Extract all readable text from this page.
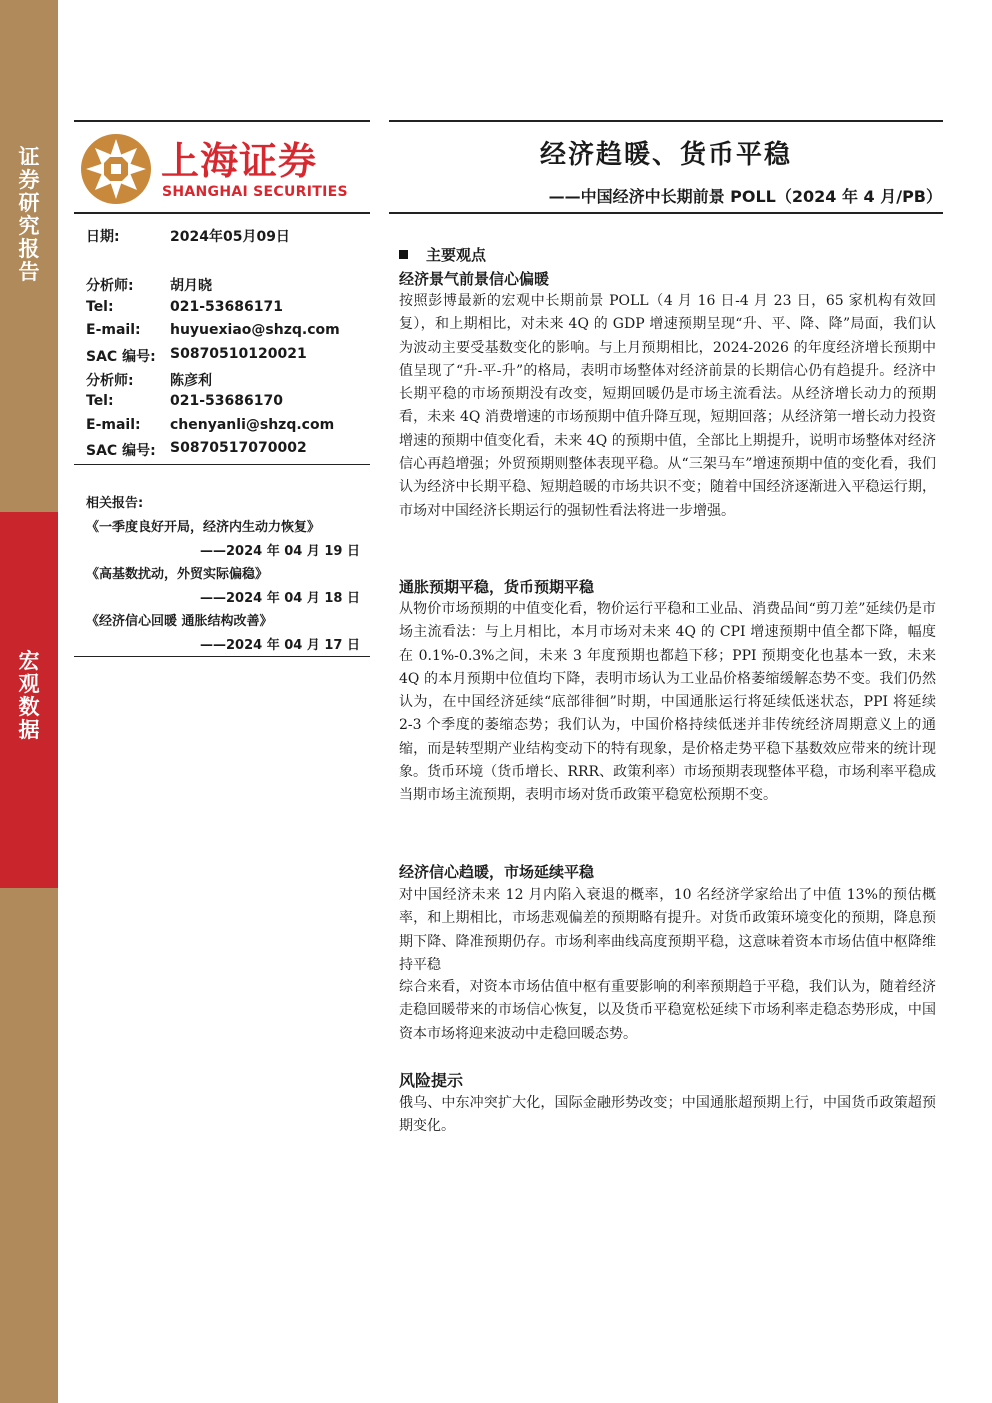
证
券
研
究
报
告
宏
观
数
据
上海证券
SHANGHAI SECURITIES
经济趋暖、货币平稳
——中国经济中长期前景 POLL（2024 年 4 月/PB）
日期:	2024年05月09日
分析师:	胡月晓
Tel:	021-53686171
E-mail: huyuexiao@shzq.com
SAC 编号: S0870510120021
分析师:	陈彦利
Tel:	021-53686170
E-mail: chenyanli@shzq.com
SAC 编号: S0870517070002
相关报告:
《一季度良好开局，经济内生动力恢复》
——2024 年 04 月 19 日
《高基数扰动，外贸实际偏稳》
——2024 年 04 月 18 日
《经济信心回暖 通胀结构改善》
——2024 年 04 月 17 日
主要观点
经济景气前景信心偏暖

按照彭博最新的宏观中长期前景 POLL（4 月 16 日-4 月 23 日，65 家机构有效回复），和上期相比，对未来 4Q 的 GDP 增速预期呈现“升、平、降、降”局面，我们认为波动主要受基数变化的影响。与上月预期相比，2024-2026 的年度经济增长预期中值呈现了“升-平-升”的格局，表明市场整体对经济前景的长期信心仍有趋提升。经济中长期平稳的市场预期没有改变，短期回暖仍是市场主流看法。从经济增长动力的预期看，未来 4Q 消费增速的市场预期中值升降互现，短期回落；从经济第一增长动力投资增速的预期中值变化看，未来 4Q 的预期中值，全部比上期提升，说明市场整体对经济信心再趋增强；外贸预期则整体表现平稳。从“三架马车”增速预期中值的变化看，我们认为经济中长期平稳、短期趋暖的市场共识不变；随着中国经济逐渐进入平稳运行期，市场对中国经济长期运行的强韧性看法将进一步增强。

通胀预期平稳，货币预期平稳

从物价市场预期的中值变化看，物价运行平稳和工业品、消费品间“剪刀差”延续仍是市场主流看法：与上月相比，本月市场对未来 4Q 的 CPI 增速预期中值全都下降，幅度在 0.1%-0.3%之间，未来 3 年度预期也都趋下移；PPI 预期变化也基本一致，未来 4Q 的本月预期中位值均下降，表明市场认为工业品价格萎缩缓解态势不变。我们仍然认为，在中国经济延续“底部徘徊”时期，中国通胀运行将延续低迷状态，PPI 将延续 2-3 个季度的萎缩态势；我们认为，中国价格持续低迷并非传统经济周期意义上的通缩，而是转型期产业结构变动下的特有现象，是价格走势平稳下基数效应带来的统计现象。货币环境（货币增长、RRR、政策利率）市场预期表现整体平稳，市场利率平稳成当期市场主流预期，表明市场对货币政策平稳宽松预期不变。

经济信心趋暖，市场延续平稳

对中国经济未来 12 月内陷入衰退的概率，10 名经济学家给出了中值 13%的预估概率，和上期相比，市场悲观偏差的预期略有提升。对货币政策环境变化的预期，降息预期下降、降准预期仍存。市场利率曲线高度预期平稳，这意味着资本市场估值中枢降维持平稳

综合来看，对资本市场估值中枢有重要影响的利率预期趋于平稳，我们认为，随着经济走稳回暖带来的市场信心恢复，以及货币平稳宽松延续下市场利率走稳态势形成，中国资本市场将迎来波动中走稳回暖态势。

风险提示

俄乌、中东冲突扩大化，国际金融形势改变；中国通胀超预期上行，中国货币政策超预期变化。
